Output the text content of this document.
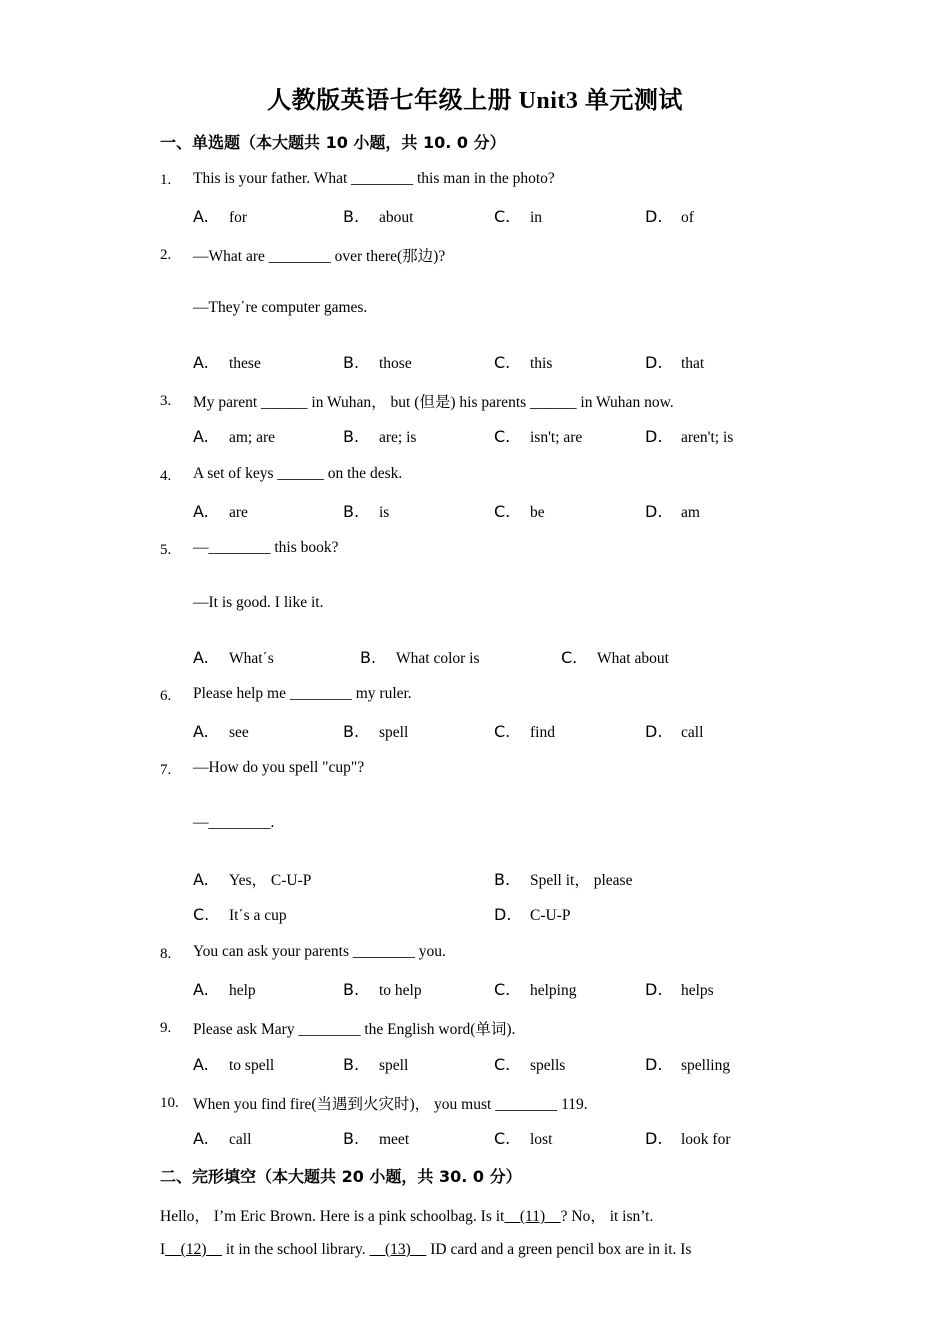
人教版英语七年级上册 Unit3 单元测试
一、单选题（本大题共 10 小题，共 10. 0 分）
1. This is your father. What ________ this man in the photo?
A. for	B. about	C. in	D. of
2. —What are ________ over there(那边)?
—They΄re computer games.
A. these	B. those	C. this	D. that
3. My parent ______ in Wuhan， but (但是) his parents ______ in Wuhan now.
A. am; are	B. are; is	C. isn't; are	D. aren't; is
4. A set of keys ______ on the desk.
A. are	B. is	C. be	D. am
5. —________ this book?
—It is good. I like it.
A. What΄s	B. What color is	C. What about
6. Please help me ________ my ruler.
A. see	B. spell	C. find	D. call
7. —How do you spell "cup"?
—________.
A. Yes， C-U-P	B. Spell it， please
C. It΄s a cup	D. C-U-P
8. You can ask your parents ________ you.
A. help	B. to help	C. helping	D. helps
9. Please ask Mary ________ the English word(单词).
A. to spell	B. spell	C. spells	D. spelling
10. When you find fire(当遇到火灾时)， you must ________ 119.
A. call	B. meet	C. lost	D. look for
二、完形填空（本大题共 20 小题，共 30. 0 分）
Hello， I’m Eric Brown. Here is a pink schoolbag. Is it    (11)    ? No， it isn’t.
I    (12)     it in the school library.     (13)     ID card and a green pencil box are in it. Is
